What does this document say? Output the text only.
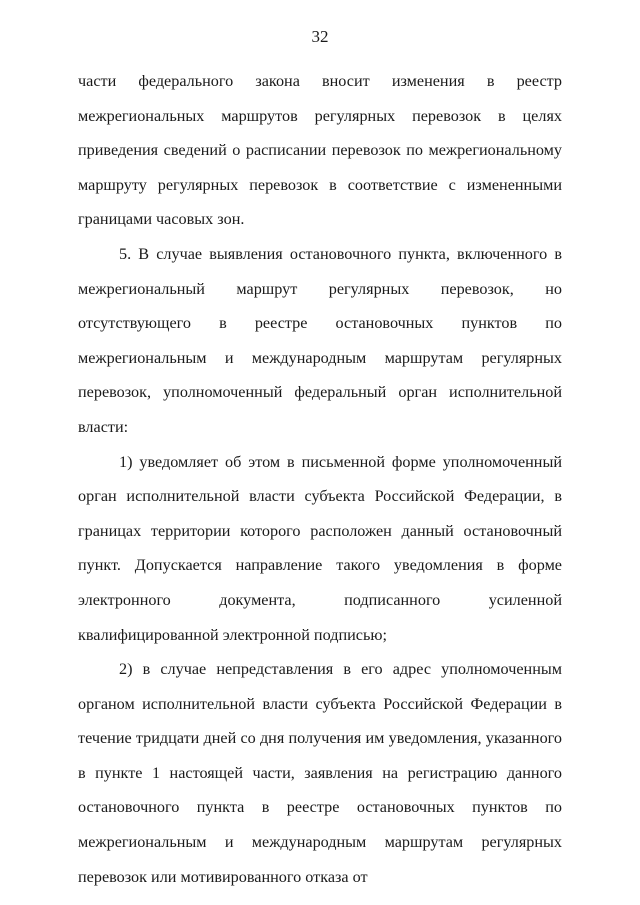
32

части федерального закона вносит изменения в реестр межрегиональных маршрутов регулярных перевозок в целях приведения сведений о расписании перевозок по межрегиональному маршруту регулярных перевозок в соответствие с измененными границами часовых зон.

5. В случае выявления остановочного пункта, включенного в межрегиональный маршрут регулярных перевозок, но отсутствующего в реестре остановочных пунктов по межрегиональным и международным маршрутам регулярных перевозок, уполномоченный федеральный орган исполнительной власти:

1) уведомляет об этом в письменной форме уполномоченный орган исполнительной власти субъекта Российской Федерации, в границах территории которого расположен данный остановочный пункт. Допускается направление такого уведомления в форме электронного документа, подписанного усиленной квалифицированной электронной подписью;

2) в случае непредставления в его адрес уполномоченным органом исполнительной власти субъекта Российской Федерации в течение тридцати дней со дня получения им уведомления, указанного в пункте 1 настоящей части, заявления на регистрацию данного остановочного пункта в реестре остановочных пунктов по межрегиональным и международным маршрутам регулярных перевозок или мотивированного отказа от
